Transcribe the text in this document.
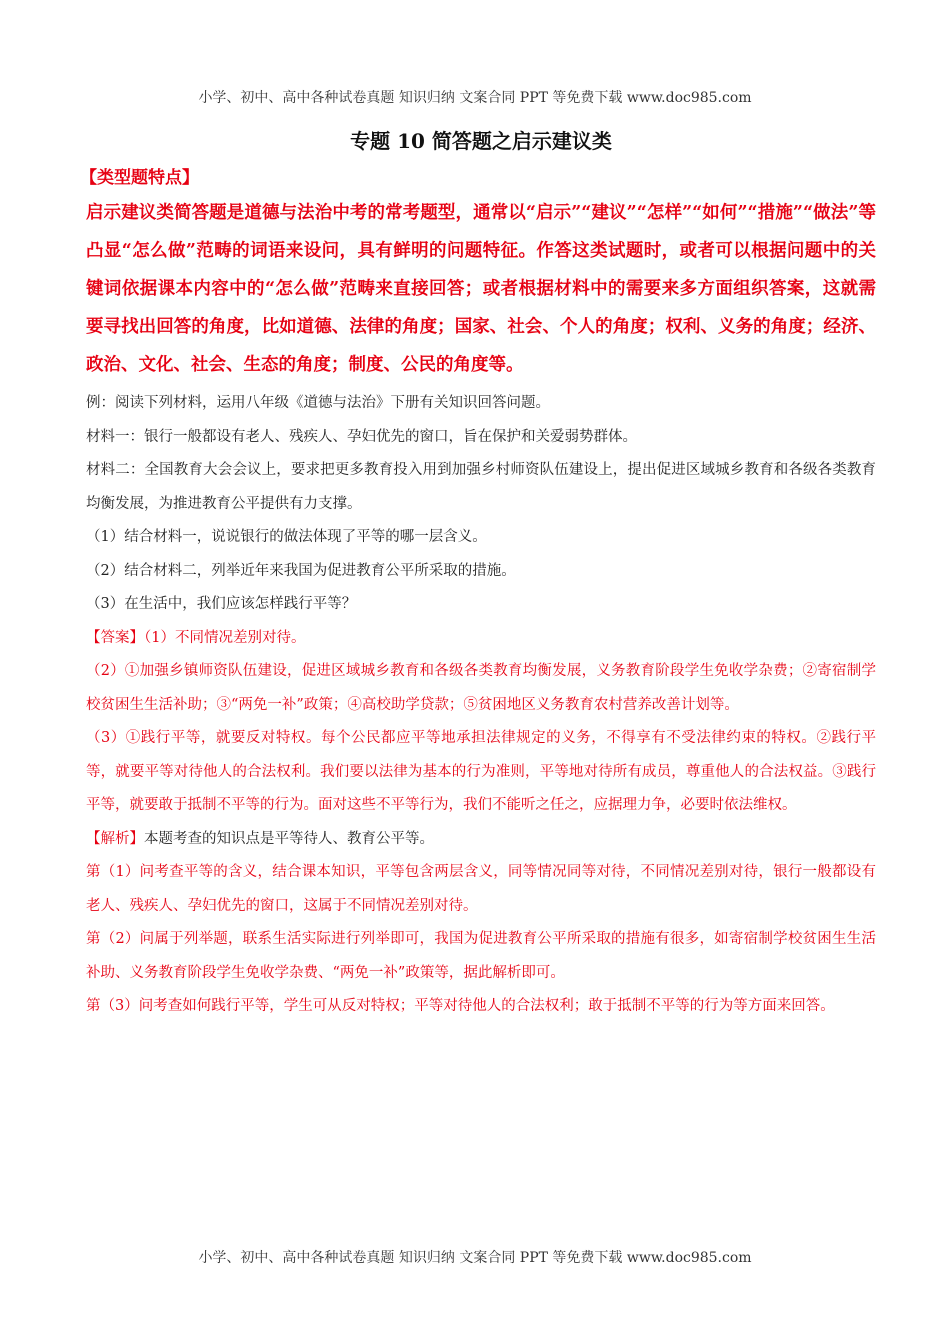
小学、初中、高中各种试卷真题 知识归纳 文案合同 PPT 等免费下载 www.doc985.com
专题 10 简答题之启示建议类
【类型题特点】

启示建议类简答题是道德与法治中考的常考题型，通常以“启示”“建议”“怎样”“如何”“措施”“做法”等凸显“怎么做”范畴的词语来设问，具有鲜明的问题特征。作答这类试题时，或者可以根据问题中的关键词依据课本内容中的“怎么做”范畴来直接回答；或者根据材料中的需要来多方面组织答案，这就需要寻找出回答的角度，比如道德、法律的角度；国家、社会、个人的角度；权利、义务的角度；经济、政治、文化、社会、生态的角度；制度、公民的角度等。

例：阅读下列材料，运用八年级《道德与法治》下册有关知识回答问题。

材料一：银行一般都设有老人、残疾人、孕妇优先的窗口，旨在保护和关爱弱势群体。

材料二：全国教育大会会议上，要求把更多教育投入用到加强乡村师资队伍建设上，提出促进区域城乡教育和各级各类教育均衡发展，为推进教育公平提供有力支撑。

（1）结合材料一，说说银行的做法体现了平等的哪一层含义。

（2）结合材料二，列举近年来我国为促进教育公平所采取的措施。

（3）在生活中，我们应该怎样践行平等？

【答案】（1）不同情况差别对待。

（2）①加强乡镇师资队伍建设，促进区域城乡教育和各级各类教育均衡发展，义务教育阶段学生免收学杂费；②寄宿制学校贫困生生活补助；③“两免一补”政策；④高校助学贷款；⑤贫困地区义务教育农村营养改善计划等。

（3）①践行平等，就要反对特权。每个公民都应平等地承担法律规定的义务，不得享有不受法律约束的特权。②践行平等，就要平等对待他人的合法权利。我们要以法律为基本的行为准则，平等地对待所有成员，尊重他人的合法权益。③践行平等，就要敢于抵制不平等的行为。面对这些不平等行为，我们不能听之任之，应据理力争，必要时依法维权。

【解析】本题考查的知识点是平等待人、教育公平等。

第（1）问考查平等的含义，结合课本知识，平等包含两层含义，同等情况同等对待，不同情况差别对待，银行一般都设有老人、残疾人、孕妇优先的窗口，这属于不同情况差别对待。

第（2）问属于列举题，联系生活实际进行列举即可，我国为促进教育公平所采取的措施有很多，如寄宿制学校贫困生生活补助、义务教育阶段学生免收学杂费、“两免一补”政策等，据此解析即可。

第（3）问考查如何践行平等，学生可从反对特权；平等对待他人的合法权利；敢于抵制不平等的行为等方面来回答。

小学、初中、高中各种试卷真题 知识归纳 文案合同 PPT 等免费下载 www.doc985.com
